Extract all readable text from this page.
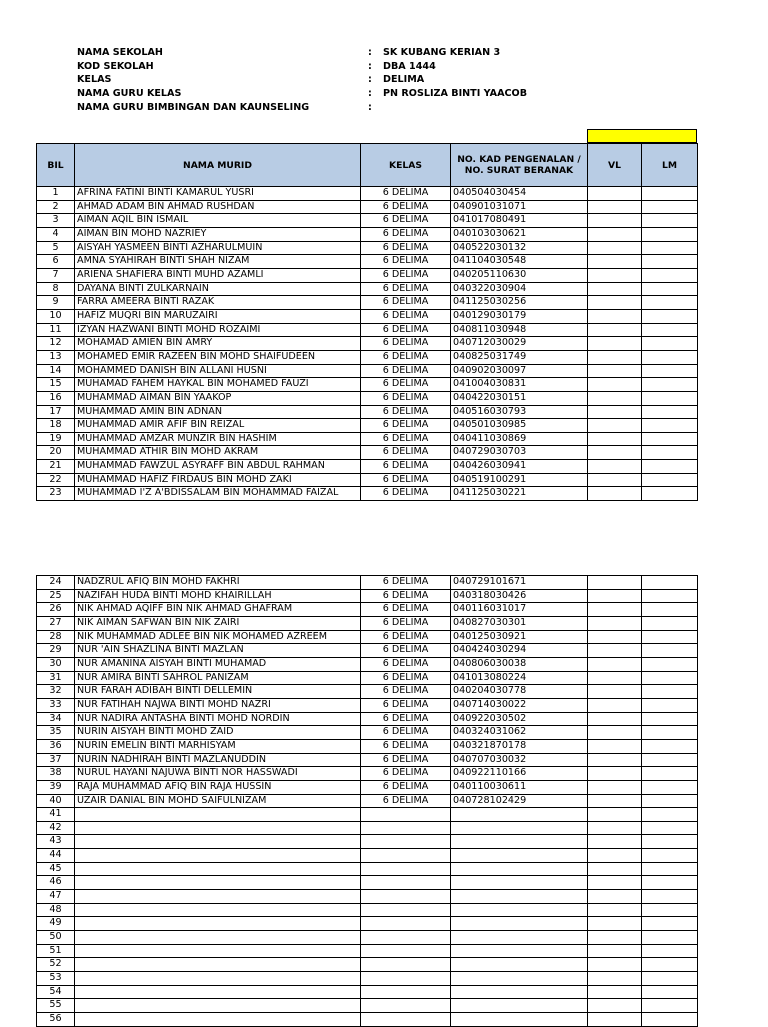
NAMA SEKOLAH	: SK KUBANG KERIAN 3
KOD SEKOLAH	: DBA 1444
KELAS	: DELIMA
NAMA GURU KELAS	: PN ROSLIZA BINTI YAACOB
NAMA GURU BIMBINGAN DAN KAUNSELING	:
BIL	NAMA MURID	KELAS	NO. KAD PENGENALAN / NO. SURAT BERANAK	VL	LM
1	AFRINA FATINI BINTI KAMARUL YUSRI	6 DELIMA	040504030454		
2	AHMAD ADAM BIN AHMAD RUSHDAN	6 DELIMA	040901031071		
3	AIMAN AQIL BIN ISMAIL	6 DELIMA	041017080491		
4	AIMAN BIN MOHD NAZRIEY	6 DELIMA	040103030621		
5	AISYAH YASMEEN BINTI AZHARULMUIN	6 DELIMA	040522030132		
6	AMNA SYAHIRAH BINTI SHAH NIZAM	6 DELIMA	041104030548		
7	ARIENA SHAFIERA BINTI MUHD AZAMLI	6 DELIMA	040205110630		
8	DAYANA BINTI ZULKARNAIN	6 DELIMA	040322030904		
9	FARRA AMEERA BINTI RAZAK	6 DELIMA	041125030256		
10	HAFIZ MUQRI BIN MARUZAIRI	6 DELIMA	040129030179		
11	IZYAN HAZWANI BINTI MOHD ROZAIMI	6 DELIMA	040811030948		
12	MOHAMAD AMIEN BIN AMRY	6 DELIMA	040712030029		
13	MOHAMED EMIR RAZEEN BIN MOHD SHAIFUDEEN	6 DELIMA	040825031749		
14	MOHAMMED DANISH BIN ALLANI HUSNI	6 DELIMA	040902030097		
15	MUHAMAD FAHEM HAYKAL BIN MOHAMED FAUZI	6 DELIMA	041004030831		
16	MUHAMMAD AIMAN BIN YAAKOP	6 DELIMA	040422030151		
17	MUHAMMAD AMIN BIN ADNAN	6 DELIMA	040516030793		
18	MUHAMMAD AMIR AFIF BIN REIZAL	6 DELIMA	040501030985		
19	MUHAMMAD AMZAR MUNZIR BIN HASHIM	6 DELIMA	040411030869		
20	MUHAMMAD ATHIR BIN MOHD AKRAM	6 DELIMA	040729030703		
21	MUHAMMAD FAWZUL ASYRAFF BIN ABDUL RAHMAN	6 DELIMA	040426030941		
22	MUHAMMAD HAFIZ FIRDAUS BIN MOHD ZAKI	6 DELIMA	040519100291		
23	MUHAMMAD I'Z A'BDISSALAM BIN MOHAMMAD FAIZAL	6 DELIMA	041125030221		
24	NADZRUL AFIQ BIN MOHD FAKHRI	6 DELIMA	040729101671		
25	NAZIFAH HUDA BINTI MOHD KHAIRILLAH	6 DELIMA	040318030426		
26	NIK AHMAD AQIFF BIN NIK AHMAD GHAFRAM	6 DELIMA	040116031017		
27	NIK AIMAN SAFWAN BIN NIK ZAIRI	6 DELIMA	040827030301		
28	NIK MUHAMMAD ADLEE BIN NIK MOHAMED AZREEM	6 DELIMA	040125030921		
29	NUR 'AIN SHAZLINA BINTI MAZLAN	6 DELIMA	040424030294		
30	NUR AMANINA AISYAH BINTI MUHAMAD	6 DELIMA	040806030038		
31	NUR AMIRA BINTI SAHROL PANIZAM	6 DELIMA	041013080224		
32	NUR FARAH ADIBAH BINTI DELLEMIN	6 DELIMA	040204030778		
33	NUR FATIHAH NAJWA BINTI MOHD NAZRI	6 DELIMA	040714030022		
34	NUR NADIRA ANTASHA BINTI MOHD NORDIN	6 DELIMA	040922030502		
35	NURIN AISYAH BINTI MOHD ZAID	6 DELIMA	040324031062		
36	NURIN EMELIN BINTI MARHISYAM	6 DELIMA	040321870178		
37	NURIN NADHIRAH BINTI MAZLANUDDIN	6 DELIMA	040707030032		
38	NURUL HAYANI NAJUWA BINTI NOR HASSWADI	6 DELIMA	040922110166		
39	RAJA MUHAMMAD AFIQ BIN RAJA HUSSIN	6 DELIMA	040110030611		
40	UZAIR DANIAL BIN MOHD SAIFULNIZAM	6 DELIMA	040728102429		
41					
42					
43					
44					
45					
46					
47					
48					
49					
50					
51					
52					
53					
54					
55					
56					
